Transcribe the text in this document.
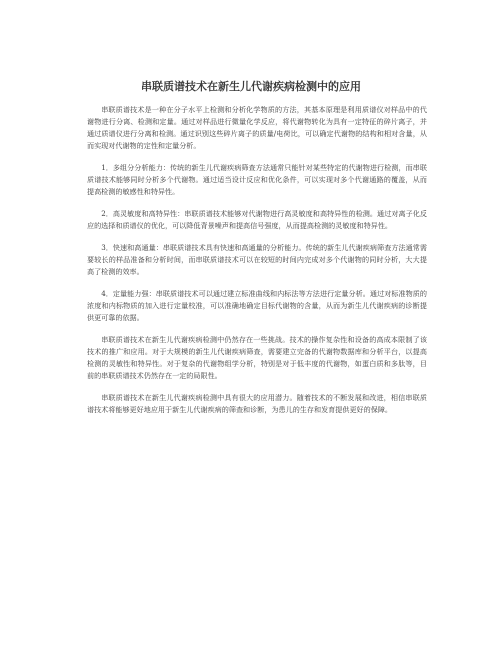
串联质谱技术在新生儿代谢疾病检测中的应用

串联质谱技术是一种在分子水平上检测和分析化学物质的方法，其基本原理是利用质谱仪对样品中的代谢物进行分离、检测和定量。通过对样品进行微量化学反应，将代谢物转化为具有一定特征的碎片离子，并通过质谱仪进行分离和检测。通过识别这些碎片离子的质量/电荷比，可以确定代谢物的结构和相对含量，从而实现对代谢物的定性和定量分析。

1．多组分分析能力：传统的新生儿代谢疾病筛查方法通常只能针对某些特定的代谢物进行检测，而串联质谱技术能够同时分析多个代谢物。通过适当设计反应和优化条件，可以实现对多个代谢通路的覆盖，从而提高检测的敏感性和特异性。

2．高灵敏度和高特异性：串联质谱技术能够对代谢物进行高灵敏度和高特异性的检测。通过对离子化反应的选择和质谱仪的优化，可以降低背景噪声和提高信号强度，从而提高检测的灵敏度和特异性。

3．快速和高通量：串联质谱技术具有快速和高通量的分析能力。传统的新生儿代谢疾病筛查方法通常需要较长的样品准备和分析时间，而串联质谱技术可以在较短的时间内完成对多个代谢物的同时分析，大大提高了检测的效率。

4．定量能力强：串联质谱技术可以通过建立标准曲线和内标法等方法进行定量分析。通过对标准物质的浓度和内标物质的加入进行定量校准，可以准确地确定目标代谢物的含量，从而为新生儿代谢疾病的诊断提供更可靠的依据。

串联质谱技术在新生儿代谢疾病检测中仍然存在一些挑战。技术的操作复杂性和设备的高成本限制了该技术的推广和应用。对于大规模的新生儿代谢疾病筛查，需要建立完备的代谢物数据库和分析平台，以提高检测的灵敏性和特异性。对于复杂的代谢物组学分析，特别是对于低丰度的代谢物，如蛋白质和多肽等，目前的串联质谱技术仍然存在一定的局限性。

串联质谱技术在新生儿代谢疾病检测中具有很大的应用潜力。随着技术的不断发展和改进，相信串联质谱技术将能够更好地应用于新生儿代谢疾病的筛查和诊断，为患儿的生存和发育提供更好的保障。
